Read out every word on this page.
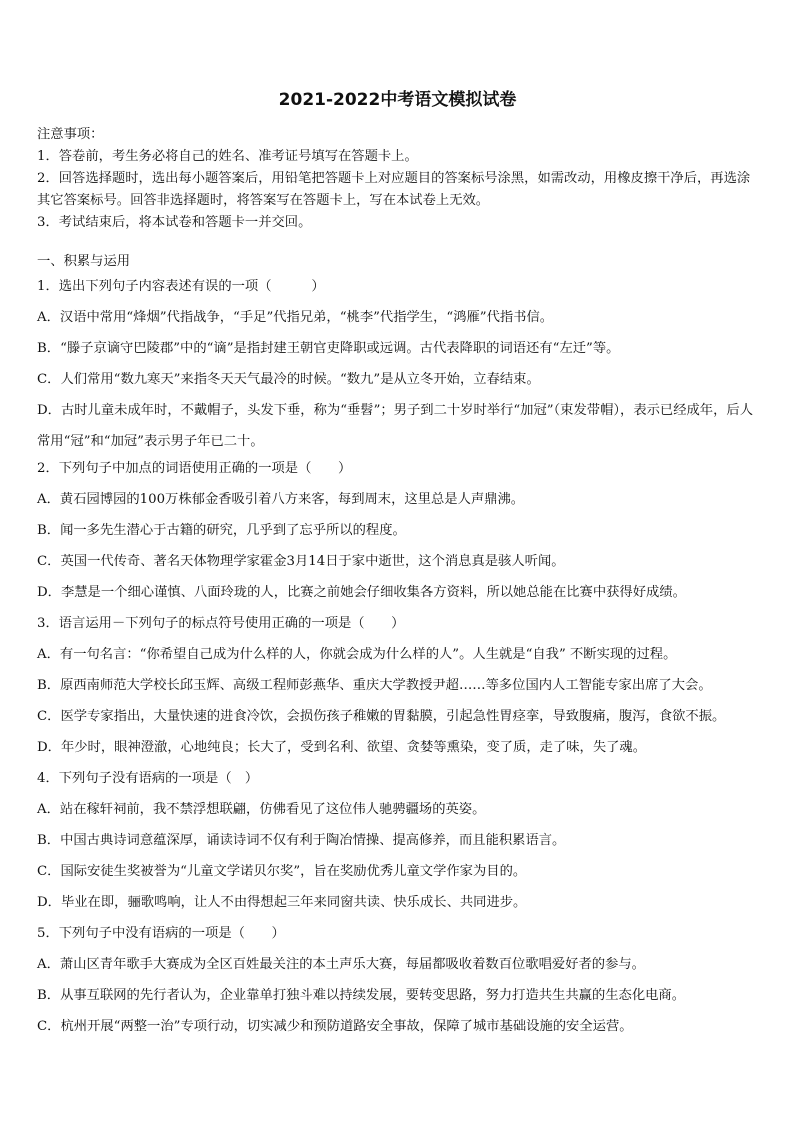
2021-2022中考语文模拟试卷
注意事项：
1．答卷前，考生务必将自己的姓名、准考证号填写在答题卡上。
2．回答选择题时，选出每小题答案后，用铅笔把答题卡上对应题目的答案标号涂黑，如需改动，用橡皮擦干净后，再选涂其它答案标号。回答非选择题时，将答案写在答题卡上，写在本试卷上无效。
3．考试结束后，将本试卷和答题卡一并交回。
一、积累与运用
1．选出下列句子内容表述有误的一项（　　　）
A．汉语中常用“烽烟”代指战争，“手足”代指兄弟，“桃李”代指学生，“鸿雁”代指书信。
B．“滕子京谪守巴陵郡”中的“谪”是指封建王朝官吏降职或远调。古代表降职的词语还有“左迁”等。
C．人们常用“数九寒天”来指冬天天气最冷的时候。“数九”是从立冬开始，立春结束。
D．古时儿童未成年时，不戴帽子，头发下垂，称为“垂髫”；男子到二十岁时举行“加冠”（束发带帽），表示已经成年，后人常用“冠”和“加冠”表示男子年已二十。
2．下列句子中加点的词语使用正确的一项是（　　）
A．黄石园博园的100万株郁金香吸引着八方来客，每到周末，这里总是人声鼎沸。
B．闻一多先生潜心于古籍的研究，几乎到了忘乎所以的程度。
C．英国一代传奇、著名天体物理学家霍金3月14日于家中逝世，这个消息真是骇人听闻。
D．李慧是一个细心谨慎、八面玲珑的人，比赛之前她会仔细收集各方资料，所以她总能在比赛中获得好成绩。
3．语言运用－下列句子的标点符号使用正确的一项是（　　）
A．有一句名言：“你希望自己成为什么样的人，你就会成为什么样的人”。人生就是“自我” 不断实现的过程。
B．原西南师范大学校长邱玉辉、高级工程师彭燕华、重庆大学教授尹超……等多位国内人工智能专家出席了大会。
C．医学专家指出，大量快速的进食冷饮，会损伤孩子稚嫩的胃黏膜，引起急性胃痉挛，导致腹痛，腹泻，食欲不振。
D．年少时，眼神澄澈，心地纯良；长大了，受到名利、欲望、贪婪等熏染，变了质，走了味，失了魂。
4．下列句子没有语病的一项是（　）
A．站在稼轩祠前，我不禁浮想联翩，仿佛看见了这位伟人驰骋疆场的英姿。
B．中国古典诗词意蕴深厚，诵读诗词不仅有利于陶冶情操、提高修养，而且能积累语言。
C．国际安徒生奖被誉为“儿童文学诺贝尔奖”，旨在奖励优秀儿童文学作家为目的。
D．毕业在即，骊歌鸣响，让人不由得想起三年来同窗共读、快乐成长、共同进步。
5．下列句子中没有语病的一项是（　　）
A．萧山区青年歌手大赛成为全区百姓最关注的本土声乐大赛，每届都吸收着数百位歌唱爱好者的参与。
B．从事互联网的先行者认为，企业靠单打独斗难以持续发展，要转变思路，努力打造共生共赢的生态化电商。
C．杭州开展“两整一治”专项行动，切实减少和预防道路安全事故，保障了城市基础设施的安全运营。
